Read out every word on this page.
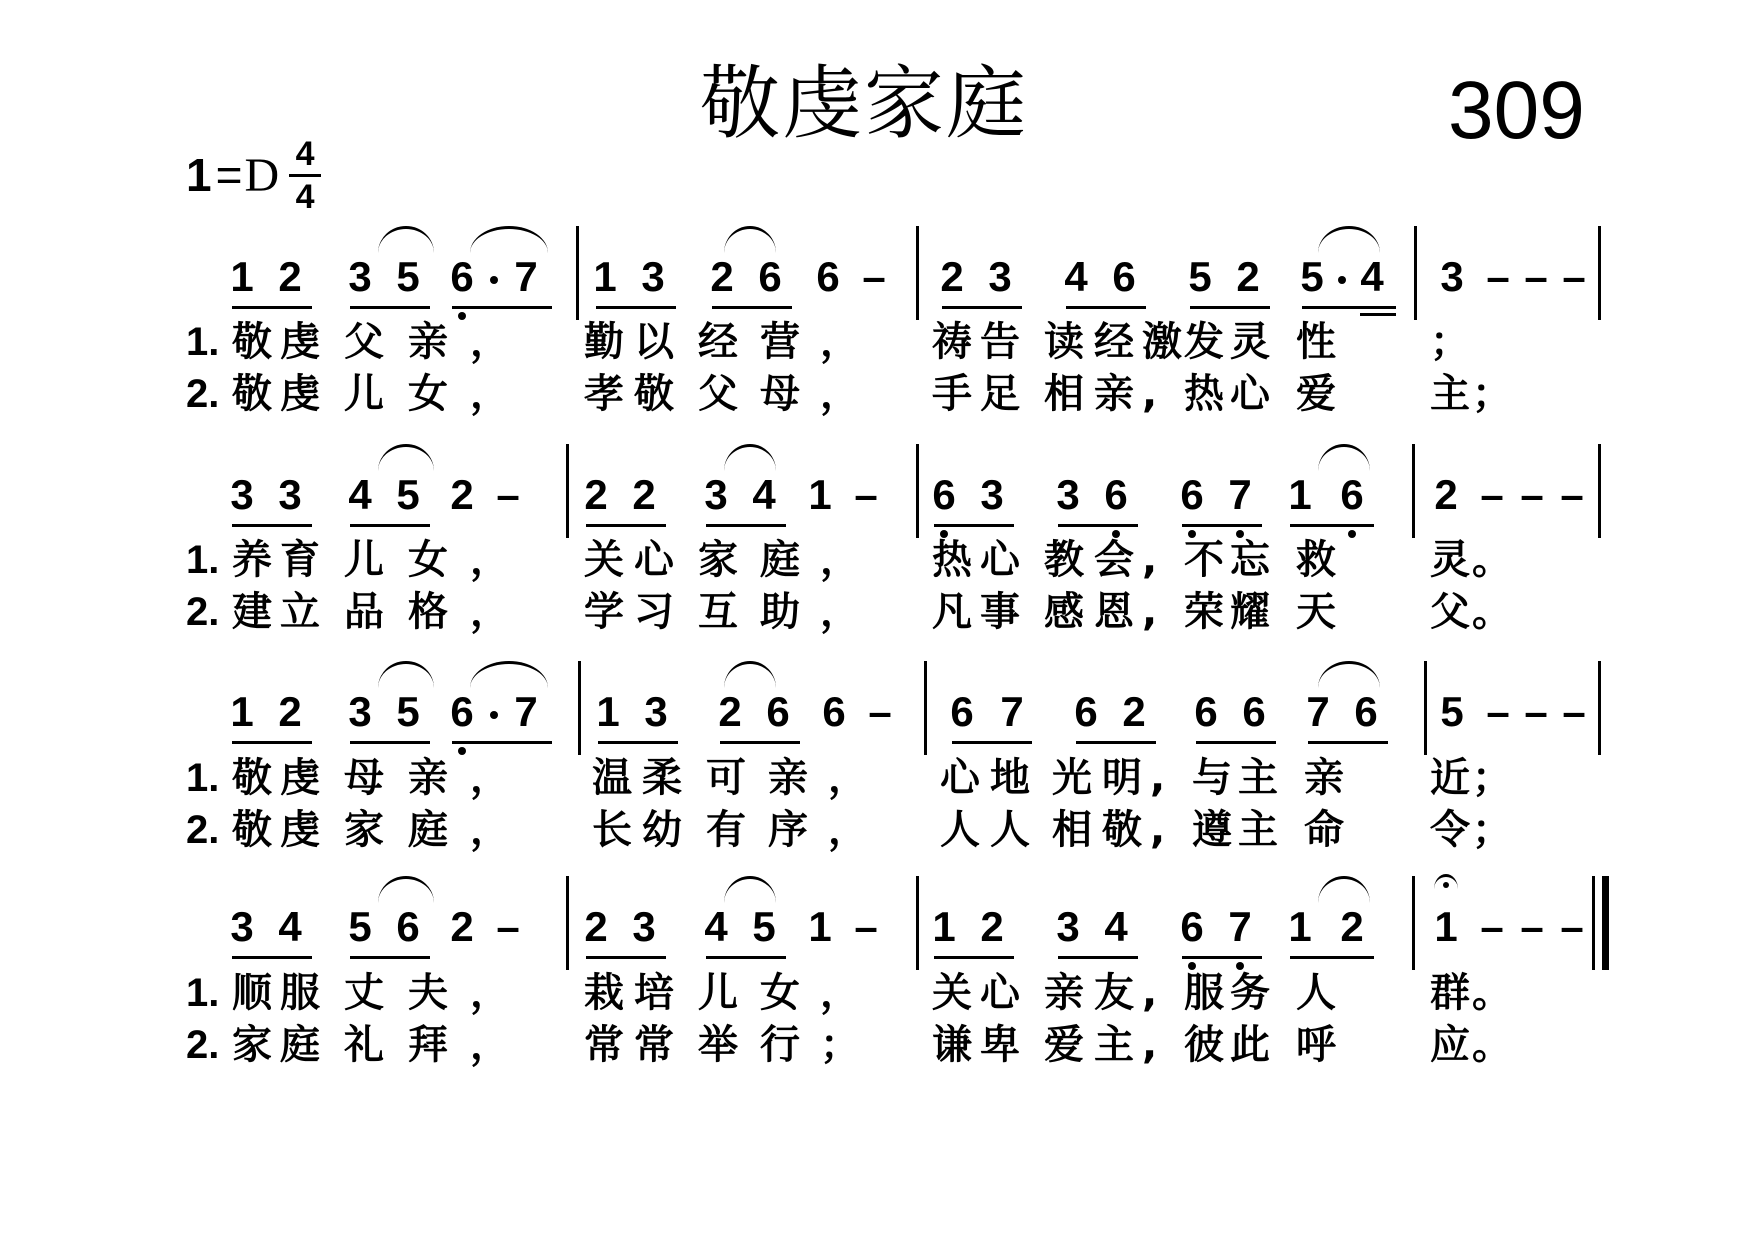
敬虔家庭	309
1 = D 4
4
1 2 3 5 6 7 1 3 2 6 6 – 2 3 4 6 5 2 5 4 3 – – –
1. 敬 虔 父 亲 ， 勤 以 经 营 ， 祷 告 读 经 激 发 灵 性 ；
2. 敬 虔 儿 女 ， 孝 敬 父 母 ， 手 足 相 亲 , 热 心 爱 主 ；
3 3 4 5 2 – 2 2 3 4 1 – 6 3 3 6 6 7 1 6 2 – – –
1. 养 育 儿 女 ， 关 心 家 庭 ， 热 心 教 会 , 不 忘 救 灵 。
2. 建 立 品 格 ， 学 习 互 助 ， 凡 事 感 恩 , 荣 耀 天 父 。
1 2 3 5 6 7 1 3 2 6 6 – 6 7 6 2 6 6 7 6 5 – – –
1. 敬 虔 母 亲 ， 温 柔 可 亲 ， 心 地 光 明 , 与 主 亲 近 ；
2. 敬 虔 家 庭 ， 长 幼 有 序 ， 人 人 相 敬 , 遵 主 命 令 ；
3 4 5 6 2 – 2 3 4 5 1 – 1 2 3 4 6 7 1 2 1 – – –
1. 顺 服 丈 夫 ， 栽 培 儿 女 ， 关 心 亲 友 , 服 务 人 群 。
2. 家 庭 礼 拜 ， 常 常 举 行 ； 谦 卑 爱 主 , 彼 此 呼 应 。
